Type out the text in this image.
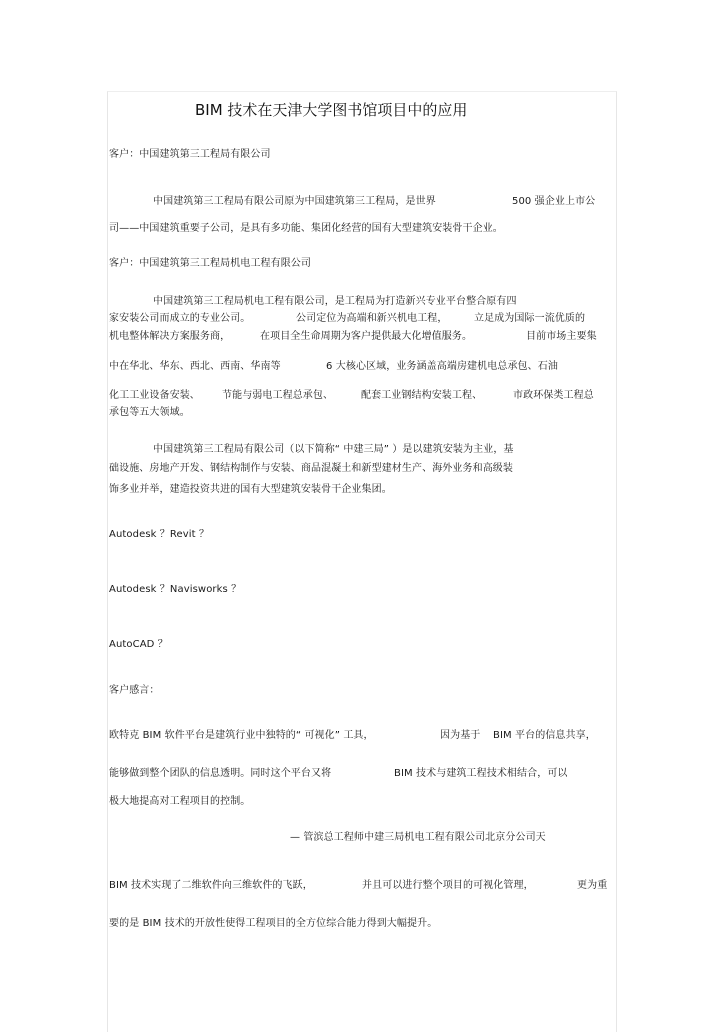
BIM 技术在天津大学图书馆项目中的应用
客户：中国建筑第三工程局有限公司
中国建筑第三工程局有限公司原为中国建筑第三工程局，是世界	500 强企业上市公
司——中国建筑重要子公司，是具有多功能、集团化经营的国有大型建筑安装骨干企业。
客户：中国建筑第三工程局机电工程有限公司
中国建筑第三工程局机电工程有限公司，是工程局为打造新兴专业平台整合原有四
家安装公司而成立的专业公司。	公司定位为高端和新兴机电工程，	立足成为国际一流优质的
机电整体解决方案服务商，	在项目全生命周期为客户提供最大化增值服务。	目前市场主要集
中在华北、华东、西北、西南、华南等	6 大核心区域，业务涵盖高端房建机电总承包、石油
化工工业设备安装、 节能与弱电工程总承包、	配套工业钢结构安装工程、	市政环保类工程总
承包等五大领域。
中国建筑第三工程局有限公司（以下简称“ 中建三局” ）是以建筑安装为主业，基
础设施、房地产开发、钢结构制作与安装、商品混凝土和新型建材生产、海外业务和高级装
饰多业并举，建造投资共进的国有大型建筑安装骨干企业集团。
Autodesk ？Revit ？
Autodesk ？Navisworks ？
AutoCAD ？
客户感言：
欧特克 BIM 软件平台是建筑行业中独特的“ 可视化” 工具，	因为基于 BIM 平台的信息共享，
能够做到整个团队的信息透明。同时这个平台又将	BIM 技术与建筑工程技术相结合，可以
极大地提高对工程项目的控制。
— 管滨总工程师中建三局机电工程有限公司北京分公司天
BIM 技术实现了二维软件向三维软件的飞跃，	并且可以进行整个项目的可视化管理，	更为重
要的是 BIM 技术的开放性使得工程项目的全方位综合能力得到大幅提升。
